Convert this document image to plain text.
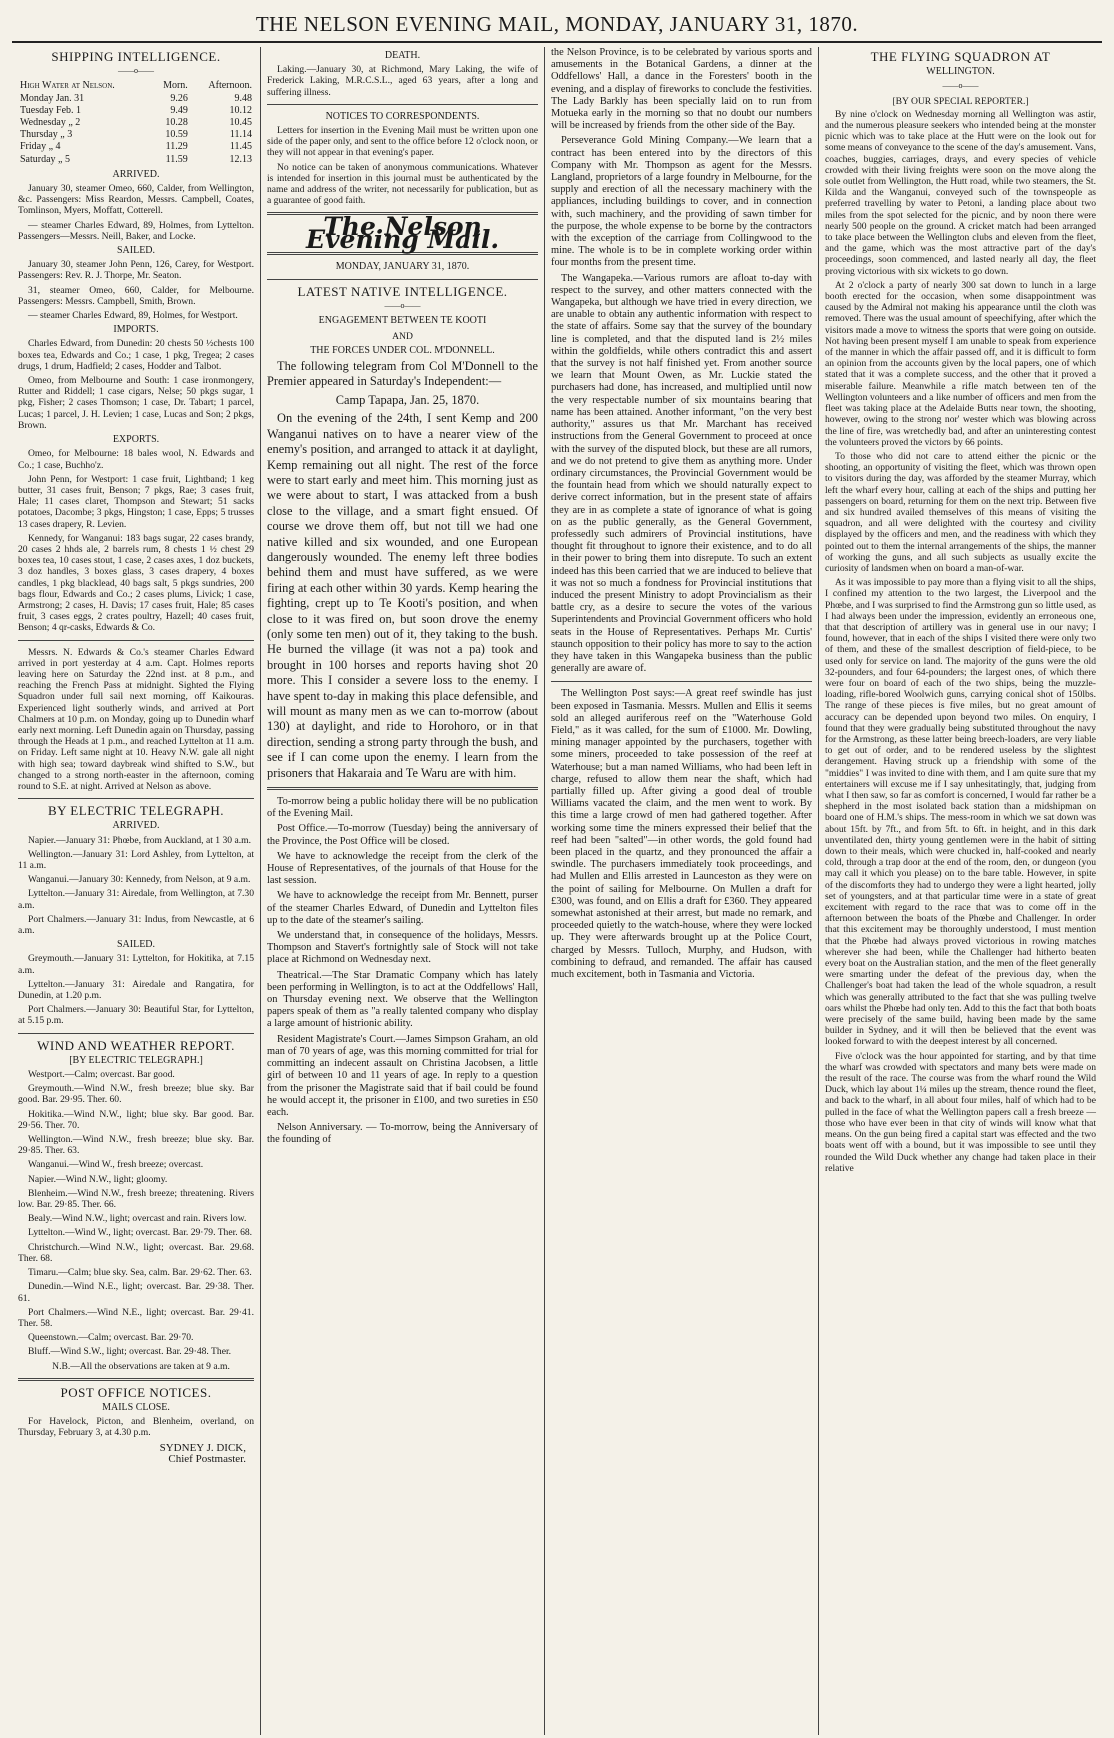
THE NELSON EVENING MAIL, MONDAY, JANUARY 31, 1870.
SHIPPING INTELLIGENCE.
——o——
High Water at Nelson.	Morn.	Afternoon.
Monday Jan. 31	9.26	9.48
Tuesday Feb. 1	9.49	10.12
Wednesday „ 2	10.28	10.45
Thursday „ 3	10.59	11.14
Friday „ 4	11.29	11.45
Saturday „ 5	11.59	12.13
ARRIVED.

January 30, steamer Omeo, 660, Calder, from Wellington, &c. Passengers: Miss Reardon, Messrs. Campbell, Coates, Tomlinson, Myers, Moffatt, Cotterell.

— steamer Charles Edward, 89, Holmes, from Lyttelton. Passengers—Messrs. Neill, Baker, and Locke.

SAILED.

January 30, steamer John Penn, 126, Carey, for Westport. Passengers: Rev. R. J. Thorpe, Mr. Seaton.

31, steamer Omeo, 660, Calder, for Melbourne. Passengers: Messrs. Campbell, Smith, Brown.

— steamer Charles Edward, 89, Holmes, for Westport.

IMPORTS.

Charles Edward, from Dunedin: 20 chests 50 ½chests 100 boxes tea, Edwards and Co.; 1 case, 1 pkg, Tregea; 2 cases drugs, 1 drum, Hadfield; 2 cases, Hodder and Talbot.

Omeo, from Melbourne and South: 1 case ironmongery, Rutter and Riddell; 1 case cigars, Nelse; 50 pkgs sugar, 1 pkg, Fisher; 2 cases Thomson; 1 case, Dr. Tabart; 1 parcel, Lucas; 1 parcel, J. H. Levien; 1 case, Lucas and Son; 2 pkgs, Brown.

EXPORTS.

Omeo, for Melbourne: 18 bales wool, N. Edwards and Co.; 1 case, Buchho'z.

John Penn, for Westport: 1 case fruit, Lightband; 1 keg butter, 31 cases fruit, Benson; 7 pkgs, Rae; 3 cases fruit, Hale; 11 cases claret, Thompson and Stewart; 51 sacks potatoes, Dacombe; 3 pkgs, Hingston; 1 case, Epps; 5 trusses 13 cases drapery, R. Levien.

Kennedy, for Wanganui: 183 bags sugar, 22 cases brandy, 20 cases 2 hhds ale, 2 barrels rum, 8 chests 1 ½ chest 29 boxes tea, 10 cases stout, 1 case, 2 cases axes, 1 doz buckets, 3 doz handles, 3 boxes glass, 3 cases drapery, 4 boxes candles, 1 pkg blacklead, 40 bags salt, 5 pkgs sundries, 200 bags flour, Edwards and Co.; 2 cases plums, Livick; 1 case, Armstrong; 2 cases, H. Davis; 17 cases fruit, Hale; 85 cases fruit, 3 cases eggs, 2 crates poultry, Hazell; 40 cases fruit, Benson; 4 qr-casks, Edwards & Co.

Messrs. N. Edwards & Co.'s steamer Charles Edward arrived in port yesterday at 4 a.m. Capt. Holmes reports leaving here on Saturday the 22nd inst. at 8 p.m., and reaching the French Pass at midnight. Sighted the Flying Squadron under full sail next morning, off Kaikouras. Experienced light southerly winds, and arrived at Port Chalmers at 10 p.m. on Monday, going up to Dunedin wharf early next morning. Left Dunedin again on Thursday, passing through the Heads at 1 p.m., and reached Lyttelton at 11 a.m. on Friday. Left same night at 10. Heavy N.W. gale all night with high sea; toward daybreak wind shifted to S.W., but changed to a strong north-easter in the afternoon, coming round to S.E. at night. Arrived at Nelson as above.

BY ELECTRIC TELEGRAPH.
ARRIVED.

Napier.—January 31: Phœbe, from Auckland, at 1 30 a.m.

Wellington.—January 31: Lord Ashley, from Lyttelton, at 11 a.m.

Wanganui.—January 30: Kennedy, from Nelson, at 9 a.m.

Lyttelton.—January 31: Airedale, from Wellington, at 7.30 a.m.

Port Chalmers.—January 31: Indus, from Newcastle, at 6 a.m.

SAILED.

Greymouth.—January 31: Lyttelton, for Hokitika, at 7.15 a.m.

Lyttelton.—January 31: Airedale and Rangatira, for Dunedin, at 1.20 p.m.

Port Chalmers.—January 30: Beautiful Star, for Lyttelton, at 5.15 p.m.

WIND AND WEATHER REPORT.
[BY ELECTRIC TELEGRAPH.]

Westport.—Calm; overcast. Bar good.

Greymouth.—Wind N.W., fresh breeze; blue sky. Bar good. Bar. 29·95. Ther. 60.

Hokitika.—Wind N.W., light; blue sky. Bar good. Bar. 29·56. Ther. 70.

Wellington.—Wind N.W., fresh breeze; blue sky. Bar. 29·85. Ther. 63.

Wanganui.—Wind W., fresh breeze; overcast.

Napier.—Wind N.W., light; gloomy.

Blenheim.—Wind N.W., fresh breeze; threatening. Rivers low. Bar. 29·85. Ther. 66.

Bealy.—Wind N.W., light; overcast and rain. Rivers low.

Lyttelton.—Wind W., light; overcast. Bar. 29·79. Ther. 68.

Christchurch.—Wind N.W., light; overcast. Bar. 29.68. Ther. 68.

Timaru.—Calm; blue sky. Sea, calm. Bar. 29·62. Ther. 63.

Dunedin.—Wind N.E., light; overcast. Bar. 29·38. Ther. 61.

Port Chalmers.—Wind N.E., light; overcast. Bar. 29·41. Ther. 58.

Queenstown.—Calm; overcast. Bar. 29·70.

Bluff.—Wind S.W., light; overcast. Bar. 29·48. Ther.

N.B.—All the observations are taken at 9 a.m.

POST OFFICE NOTICES.
MAILS CLOSE.

For Havelock, Picton, and Blenheim, overland, on Thursday, February 3, at 4.30 p.m.

SYDNEY J. DICK,
Chief Postmaster.
DEATH.

Laking.—January 30, at Richmond, Mary Laking, the wife of Frederick Laking, M.R.C.S.L., aged 63 years, after a long and suffering illness.

NOTICES TO CORRESPONDENTS.

Letters for insertion in the Evening Mail must be written upon one side of the paper only, and sent to the office before 12 o'clock noon, or they will not appear in that evening's paper.

No notice can be taken of anonymous communications. Whatever is intended for insertion in this journal must be authenticated by the name and address of the writer, not necessarily for publication, but as a guarantee of good faith.

The Nelson Evening Mail.
MONDAY, JANUARY 31, 1870.
LATEST NATIVE INTELLIGENCE.
——o——
ENGAGEMENT BETWEEN TE KOOTI
AND
THE FORCES UNDER COL. M'DONNELL.

The following telegram from Col M'Donnell to the Premier appeared in Saturday's Independent:—

Camp Tapapa, Jan. 25, 1870.

On the evening of the 24th, I sent Kemp and 200 Wanganui natives on to have a nearer view of the enemy's position, and arranged to attack it at daylight, Kemp remaining out all night. The rest of the force were to start early and meet him. This morning just as we were about to start, I was attacked from a bush close to the village, and a smart fight ensued. Of course we drove them off, but not till we had one native killed and six wounded, and one European dangerously wounded. The enemy left three bodies behind them and must have suffered, as we were firing at each other within 30 yards. Kemp hearing the fighting, crept up to Te Kooti's position, and when close to it was fired on, but soon drove the enemy (only some ten men) out of it, they taking to the bush. He burned the village (it was not a pa) took and brought in 100 horses and reports having shot 20 more. This I consider a severe loss to the enemy. I have spent to-day in making this place defensible, and will mount as many men as we can to-morrow (about 130) at daylight, and ride to Horohoro, or in that direction, sending a strong party through the bush, and see if I can come upon the enemy. I learn from the prisoners that Hakaraia and Te Waru are with him.

To-morrow being a public holiday there will be no publication of the Evening Mail.

Post Office.—To-morrow (Tuesday) being the anniversary of the Province, the Post Office will be closed.

We have to acknowledge the receipt from the clerk of the House of Representatives, of the journals of that House for the last session.

We have to acknowledge the receipt from Mr. Bennett, purser of the steamer Charles Edward, of Dunedin and Lyttelton files up to the date of the steamer's sailing.

We understand that, in consequence of the holidays, Messrs. Thompson and Stavert's fortnightly sale of Stock will not take place at Richmond on Wednesday next.

Theatrical.—The Star Dramatic Company which has lately been performing in Wellington, is to act at the Oddfellows' Hall, on Thursday evening next. We observe that the Wellington papers speak of them as "a really talented company who display a large amount of histrionic ability.

Resident Magistrate's Court.—James Simpson Graham, an old man of 70 years of age, was this morning committed for trial for committing an indecent assault on Christina Jacobsen, a little girl of between 10 and 11 years of age. In reply to a question from the prisoner the Magistrate said that if bail could be found he would accept it, the prisoner in £100, and two sureties in £50 each.

Nelson Anniversary. — To-morrow, being the Anniversary of the founding of

the Nelson Province, is to be celebrated by various sports and amusements in the Botanical Gardens, a dinner at the Oddfellows' Hall, a dance in the Foresters' booth in the evening, and a display of fireworks to conclude the festivities. The Lady Barkly has been specially laid on to run from Motueka early in the morning so that no doubt our numbers will be increased by friends from the other side of the Bay.

Perseverance Gold Mining Company.—We learn that a contract has been entered into by the directors of this Company with Mr. Thompson as agent for the Messrs. Langland, proprietors of a large foundry in Melbourne, for the supply and erection of all the necessary machinery with the appliances, including buildings to cover, and in connection with, such machinery, and the providing of sawn timber for the purpose, the whole expense to be borne by the contractors with the exception of the carriage from Collingwood to the mine. The whole is to be in complete working order within four months from the present time.

The Wangapeka.—Various rumors are afloat to-day with respect to the survey, and other matters connected with the Wangapeka, but although we have tried in every direction, we are unable to obtain any authentic information with respect to the state of affairs. Some say that the survey of the boundary line is completed, and that the disputed land is 2½ miles within the goldfields, while others contradict this and assert that the survey is not half finished yet. From another source we learn that Mount Owen, as Mr. Luckie stated the purchasers had done, has increased, and multiplied until now the very respectable number of six mountains bearing that name has been attained. Another informant, "on the very best authority," assures us that Mr. Marchant has received instructions from the General Government to proceed at once with the survey of the disputed block, but these are all rumors, and we do not pretend to give them as anything more. Under ordinary circumstances, the Provincial Government would be the fountain head from which we should naturally expect to derive correct information, but in the present state of affairs they are in as complete a state of ignorance of what is going on as the public generally, as the General Government, professedly such admirers of Provincial institutions, have thought fit throughout to ignore their existence, and to do all in their power to bring them into disrepute. To such an extent indeed has this been carried that we are induced to believe that it was not so much a fondness for Provincial institutions that induced the present Ministry to adopt Provincialism as their battle cry, as a desire to secure the votes of the various Superintendents and Provincial Government officers who hold seats in the House of Representatives. Perhaps Mr. Curtis' staunch opposition to their policy has more to say to the action they have taken in this Wangapeka business than the public generally are aware of.

The Wellington Post says:—A great reef swindle has just been exposed in Tasmania. Messrs. Mullen and Ellis it seems sold an alleged auriferous reef on the "Waterhouse Gold Field," as it was called, for the sum of £1000. Mr. Dowling, mining manager appointed by the purchasers, together with some miners, proceeded to take possession of the reef at Waterhouse; but a man named Williams, who had been left in charge, refused to allow them near the shaft, which had partially filled up. After giving a good deal of trouble Williams vacated the claim, and the men went to work. By this time a large crowd of men had gathered together. After working some time the miners expressed their belief that the reef had been "salted"—in other words, the gold found had been placed in the quartz, and they pronounced the affair a swindle. The purchasers immediately took proceedings, and had Mullen and Ellis arrested in Launceston as they were on the point of sailing for Melbourne. On Mullen a draft for £300, was found, and on Ellis a draft for £360. They appeared somewhat astonished at their arrest, but made no remark, and proceeded quietly to the watch-house, where they were locked up. They were afterwards brought up at the Police Court, charged by Messrs. Tulloch, Murphy, and Hudson, with combining to defraud, and remanded. The affair has caused much excitement, both in Tasmania and Victoria.

THE FLYING SQUADRON AT
WELLINGTON.
——o——
[BY OUR SPECIAL REPORTER.]

By nine o'clock on Wednesday morning all Wellington was astir, and the numerous pleasure seekers who intended being at the monster picnic which was to take place at the Hutt were on the look out for some means of conveyance to the scene of the day's amusement. Vans, coaches, buggies, carriages, drays, and every species of vehicle crowded with their living freights were soon on the move along the sole outlet from Wellington, the Hutt road, while two steamers, the St. Kilda and the Wanganui, conveyed such of the townspeople as preferred travelling by water to Petoni, a landing place about two miles from the spot selected for the picnic, and by noon there were nearly 500 people on the ground. A cricket match had been arranged to take place between the Wellington clubs and eleven from the fleet, and the game, which was the most attractive part of the day's proceedings, soon commenced, and lasted nearly all day, the fleet proving victorious with six wickets to go down.

At 2 o'clock a party of nearly 300 sat down to lunch in a large booth erected for the occasion, when some disappointment was caused by the Admiral not making his appearance until the cloth was removed. There was the usual amount of speechifying, after which the visitors made a move to witness the sports that were going on outside. Not having been present myself I am unable to speak from experience of the manner in which the affair passed off, and it is difficult to form an opinion from the accounts given by the local papers, one of which stated that it was a complete success, and the other that it proved a miserable failure. Meanwhile a rifle match between ten of the Wellington volunteers and a like number of officers and men from the fleet was taking place at the Adelaide Butts near town, the shooting, however, owing to the strong nor' wester which was blowing across the line of fire, was wretchedly bad, and after an uninteresting contest the volunteers proved the victors by 66 points.

To those who did not care to attend either the picnic or the shooting, an opportunity of visiting the fleet, which was thrown open to visitors during the day, was afforded by the steamer Murray, which left the wharf every hour, calling at each of the ships and putting her passengers on board, returning for them on the next trip. Between five and six hundred availed themselves of this means of visiting the squadron, and all were delighted with the courtesy and civility displayed by the officers and men, and the readiness with which they pointed out to them the internal arrangements of the ships, the manner of working the guns, and all such subjects as usually excite the curiosity of landsmen when on board a man-of-war.

As it was impossible to pay more than a flying visit to all the ships, I confined my attention to the two largest, the Liverpool and the Phœbe, and I was surprised to find the Armstrong gun so little used, as I had always been under the impression, evidently an erroneous one, that that description of artillery was in general use in our navy; I found, however, that in each of the ships I visited there were only two of them, and these of the smallest description of field-piece, to be used only for service on land. The majority of the guns were the old 32-pounders, and four 64-pounders; the largest ones, of which there were four on board of each of the two ships, being the muzzle-loading, rifle-bored Woolwich guns, carrying conical shot of 150lbs. The range of these pieces is five miles, but no great amount of accuracy can be depended upon beyond two miles. On enquiry, I found that they were gradually being substituted throughout the navy for the Armstrong, as these latter being breech-loaders, are very liable to get out of order, and to be rendered useless by the slightest derangement. Having struck up a friendship with some of the "middies" I was invited to dine with them, and I am quite sure that my entertainers will excuse me if I say unhesitatingly, that, judging from what I then saw, so far as comfort is concerned, I would far rather be a shepherd in the most isolated back station than a midshipman on board one of H.M.'s ships. The mess-room in which we sat down was about 15ft. by 7ft., and from 5ft. to 6ft. in height, and in this dark unventilated den, thirty young gentlemen were in the habit of sitting down to their meals, which were chucked in, half-cooked and nearly cold, through a trap door at the end of the room, den, or dungeon (you may call it which you please) on to the bare table. However, in spite of the discomforts they had to undergo they were a light hearted, jolly set of youngsters, and at that particular time were in a state of great excitement with regard to the race that was to come off in the afternoon between the boats of the Phœbe and Challenger. In order that this excitement may be thoroughly understood, I must mention that the Phœbe had always proved victorious in rowing matches wherever she had been, while the Challenger had hitherto beaten every boat on the Australian station, and the men of the fleet generally were smarting under the defeat of the previous day, when the Challenger's boat had taken the lead of the whole squadron, a result which was generally attributed to the fact that she was pulling twelve oars whilst the Phœbe had only ten. Add to this the fact that both boats were precisely of the same build, having been made by the same builder in Sydney, and it will then be believed that the event was looked forward to with the deepest interest by all concerned.

Five o'clock was the hour appointed for starting, and by that time the wharf was crowded with spectators and many bets were made on the result of the race. The course was from the wharf round the Wild Duck, which lay about 1¼ miles up the stream, thence round the fleet, and back to the wharf, in all about four miles, half of which had to be pulled in the face of what the Wellington papers call a fresh breeze —those who have ever been in that city of winds will know what that means. On the gun being fired a capital start was effected and the two boats went off with a bound, but it was impossible to see until they rounded the Wild Duck whether any change had taken place in their relative
